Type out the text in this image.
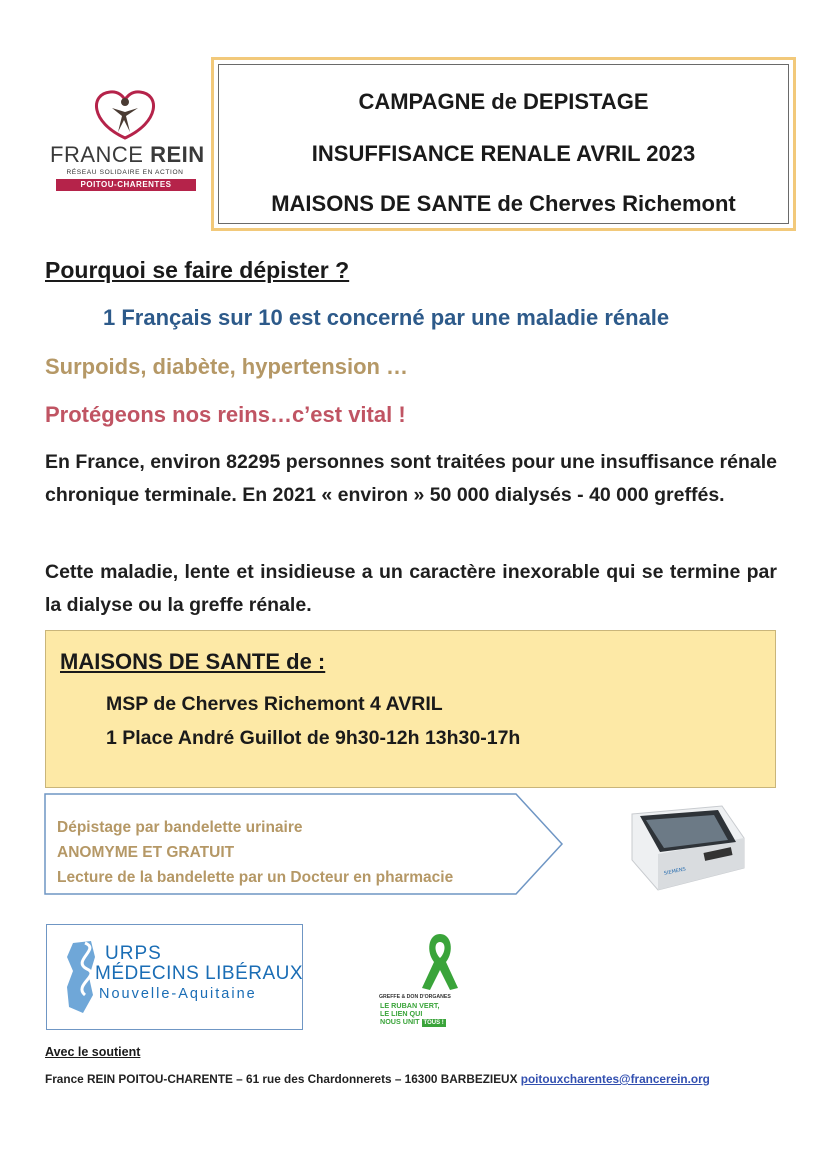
FRANCE REIN
RÉSEAU SOLIDAIRE EN ACTION
POITOU-CHARENTES
CAMPAGNE de DEPISTAGE
INSUFFISANCE RENALE AVRIL 2023
MAISONS DE SANTE de Cherves Richemont
Pourquoi se faire dépister ?
1 Français sur 10 est concerné par une maladie rénale
Surpoids, diabète, hypertension …
Protégeons nos reins…c’est vital !
En France, environ 82295 personnes sont traitées pour une insuffisance rénale chronique terminale. En 2021 « environ » 50 000 dialysés - 40 000 greffés.
Cette maladie, lente et insidieuse a un caractère inexorable qui se termine par la dialyse ou la greffe rénale.
MAISONS DE SANTE de :
MSP de Cherves Richemont 4 AVRIL
1 Place André Guillot de 9h30-12h 13h30-17h
Dépistage par bandelette urinaire
ANOMYME ET GRATUIT
Lecture de la bandelette par un Docteur en pharmacie	SIEMENS
URPS
MÉDECINS LIBÉRAUX
Nouvelle-Aquitaine	GREFFE & DON D'ORGANES
LE RUBAN VERT,
LE LIEN QUI
NOUS UNIT TOUS !
Avec le soutient
France REIN POITOU-CHARENTE – 61 rue des Chardonnerets – 16300 BARBEZIEUX poitouxcharentes@francerein.org
